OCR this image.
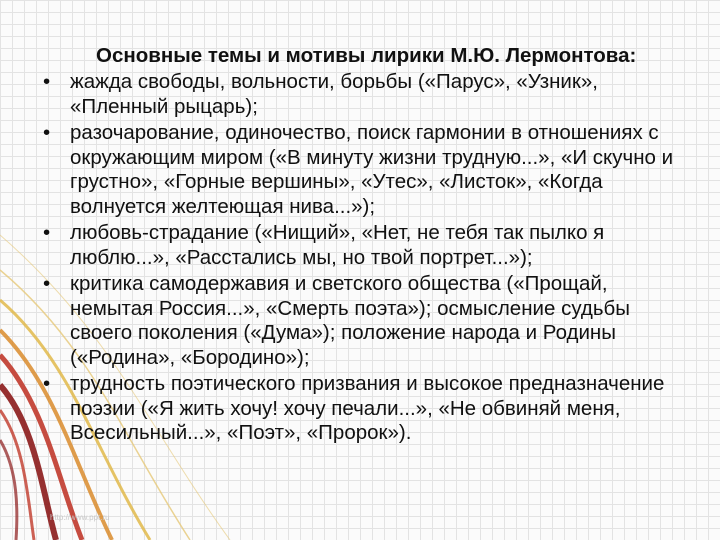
Основные темы и мотивы лирики М.Ю. Лермонтова:
• жажда свободы, вольности, борьбы («Парус», «Узник»,
«Пленный рыцарь);
• разочарование, одиночество, поиск гармонии в отношениях с
окружающим миром («В минуту жизни трудную...», «И скучно и
грустно», «Горные вершины», «Утес», «Листок», «Когда
волнуется желтеющая нива...»);
• любовь-страдание («Нищий», «Нет, не тебя так пылко я
люблю...», «Расстались мы, но твой портрет...»);
• критика самодержавия и светского общества («Прощай,
немытая Россия...», «Смерть поэта»); осмысление судьбы
своего поколения («Дума»); положение народа и Родины
(«Родина», «Бородино»);
• трудность поэтического призвания и высокое предназначение
поэзии («Я жить хочу! хочу печали...», «Не обвиняй меня,
Всесильный...», «Поэт», «Пророк»).
http://www.ppt.ru
